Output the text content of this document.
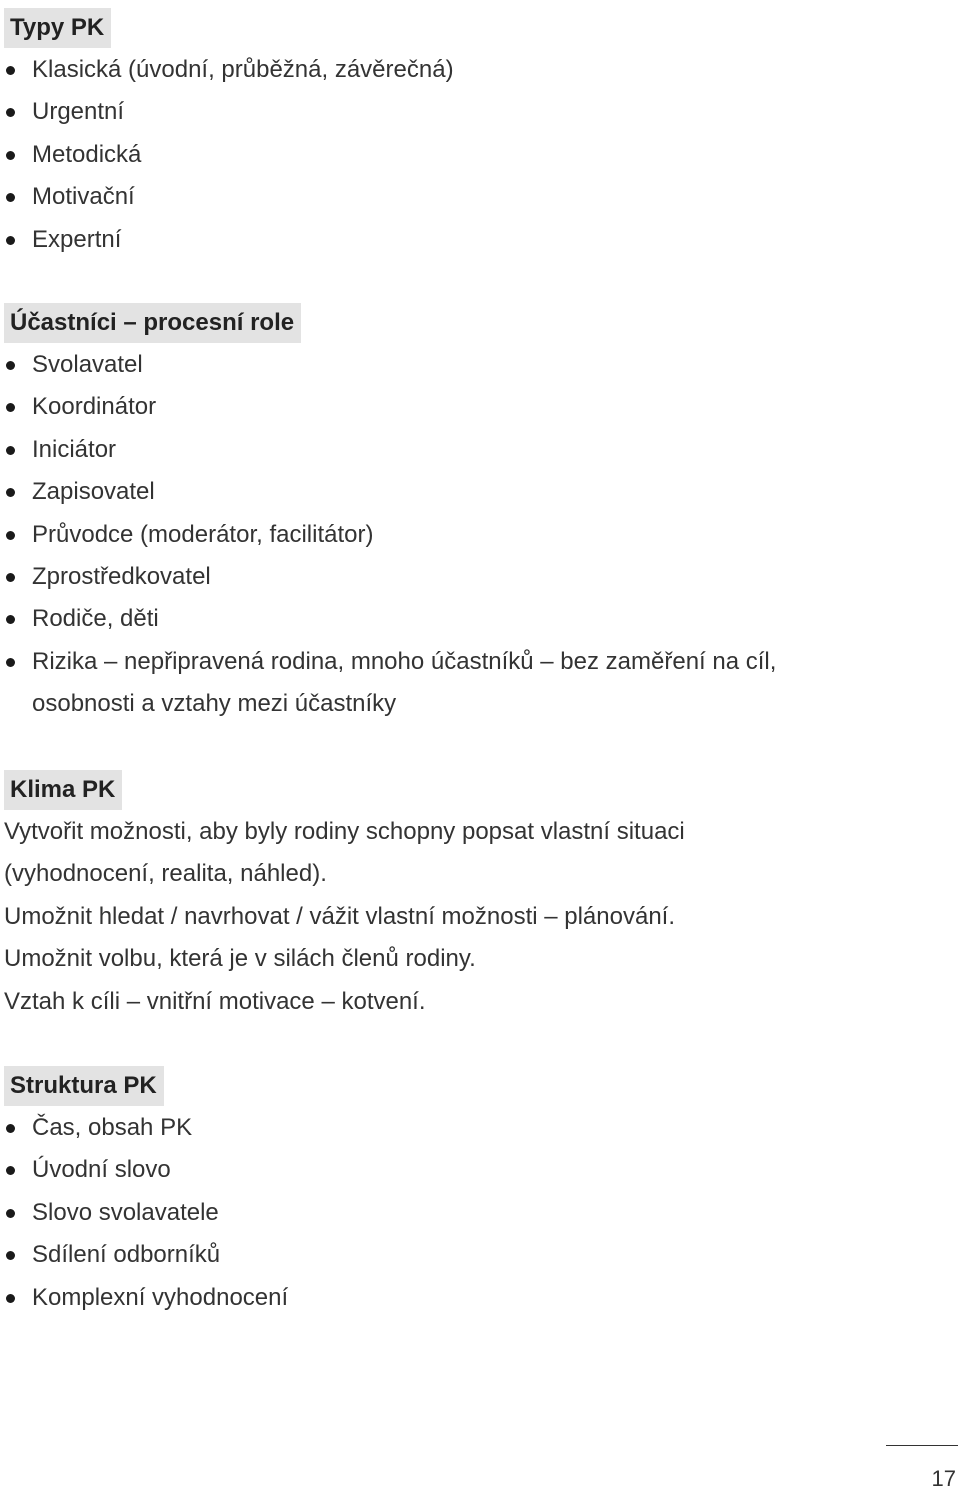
Typy PK
Klasická (úvodní, průběžná, závěrečná)
Urgentní
Metodická
Motivační
Expertní
Účastníci – procesní role
Svolavatel
Koordinátor
Iniciátor
Zapisovatel
Průvodce (moderátor, facilitátor)
Zprostředkovatel
Rodiče, děti
Rizika – nepřipravená rodina, mnoho účastníků – bez zaměření na cíl, osobnosti a vztahy mezi účastníky
Klima PK

Vytvořit možnosti, aby byly rodiny schopny popsat vlastní situaci (vyhodnocení, realita, náhled).

Umožnit hledat / navrhovat / vážit vlastní možnosti – plánování.

Umožnit volbu, která je v silách členů rodiny.

Vztah k cíli – vnitřní motivace – kotvení.

Struktura PK
Čas, obsah PK
Úvodní slovo
Slovo svolavatele
Sdílení odborníků
Komplexní vyhodnocení
17
